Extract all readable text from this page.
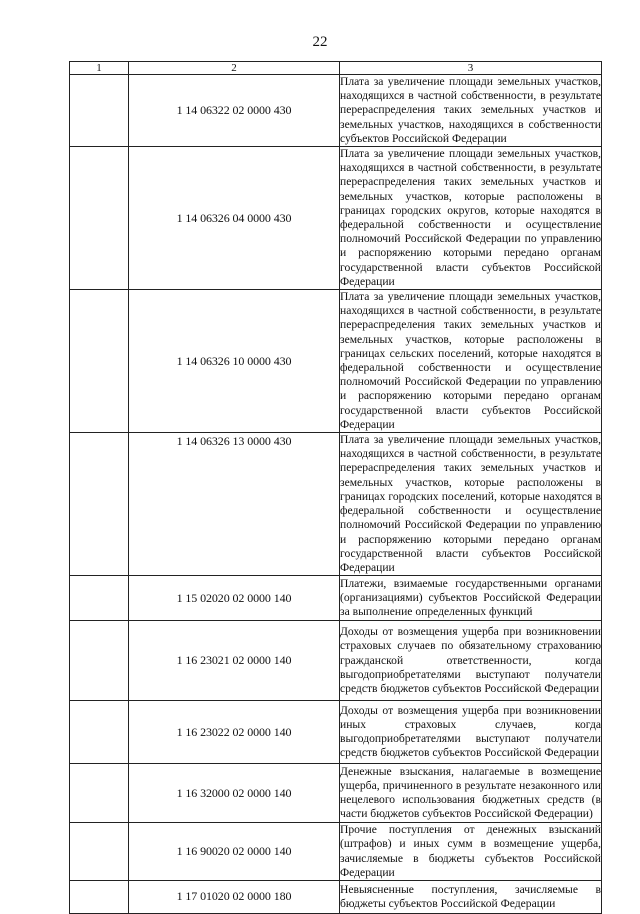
22
1	2	3
	1 14 06322 02 0000 430	Плата за увеличение площади земельных участков, находящихся в частной собственности, в результате перераспределения таких земельных участков и земельных участков, находящихся в собственности субъектов Российской Федерации
	1 14 06326 04 0000 430	Плата за увеличение площади земельных участков, находящихся в частной собственности, в результате перераспределения таких земельных участков и земельных участков, которые расположены в границах городских округов, которые находятся в федеральной собственности и осуществление полномочий Российской Федерации по управлению и распоряжению которыми передано органам государственной власти субъектов Российской Федерации
	1 14 06326 10 0000 430	Плата за увеличение площади земельных участков, находящихся в частной собственности, в результате перераспределения таких земельных участков и земельных участков, которые расположены в границах сельских поселений, которые находятся в федеральной собственности и осуществление полномочий Российской Федерации по управлению и распоряжению которыми передано органам государственной власти субъектов Российской Федерации
	1 14 06326 13 0000 430	Плата за увеличение площади земельных участков, находящихся в частной собственности, в результате перераспределения таких земельных участков и земельных участков, которые расположены в границах городских поселений, которые находятся в федеральной собственности и осуществление полномочий Российской Федерации по управлению и распоряжению которыми передано органам государственной власти субъектов Российской Федерации
	1 15 02020 02 0000 140	Платежи, взимаемые государственными органами (организациями) субъектов Российской Федерации за выполнение определенных функций
	1 16 23021 02 0000 140	Доходы от возмещения ущерба при возникновении страховых случаев по обязательному страхованию гражданской ответственности, когда выгодоприобретателями выступают получатели средств бюджетов субъектов Российской Федерации
	1 16 23022 02 0000 140	Доходы от возмещения ущерба при возникновении иных страховых случаев, когда выгодоприобретателями выступают получатели средств бюджетов субъектов Российской Федерации
	1 16 32000 02 0000 140	Денежные взыскания, налагаемые в возмещение ущерба, причиненного в результате незаконного или нецелевого использования бюджетных средств (в части бюджетов субъектов Российской Федерации)
	1 16 90020 02 0000 140	Прочие поступления от денежных взысканий (штрафов) и иных сумм в возмещение ущерба, зачисляемые в бюджеты субъектов Российской Федерации
	1 17 01020 02 0000 180	Невыясненные поступления, зачисляемые в бюджеты субъектов Российской Федерации
